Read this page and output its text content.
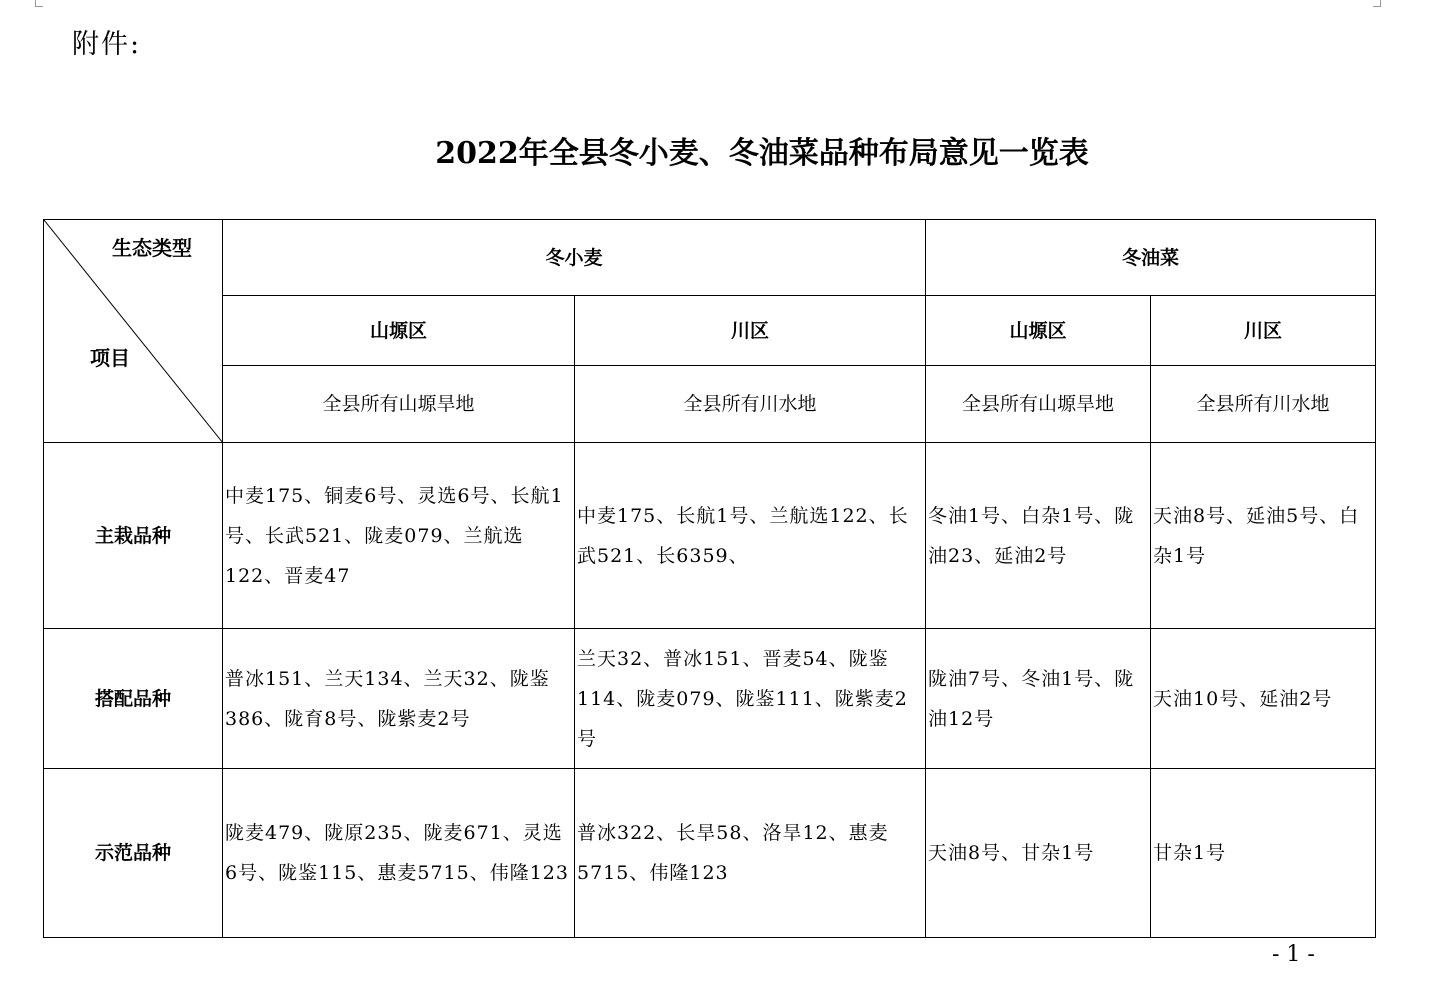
附件:
2022年全县冬小麦、冬油菜品种布局意见一览表
生态类型
项目	冬小麦		冬油菜	
	山塬区	川区	山塬区	川区
	全县所有山塬旱地	全县所有川水地	全县所有山塬旱地	全县所有川水地
主栽品种	中麦175、铜麦6号、灵选6号、长航1号、长武521、陇麦079、兰航选122、晋麦47	中麦175、长航1号、兰航选122、长武521、长6359、	冬油1号、白杂1号、陇油23、延油2号	天油8号、延油5号、白杂1号
搭配品种	普冰151、兰天134、兰天32、陇鉴386、陇育8号、陇紫麦2号	兰天32、普冰151、晋麦54、陇鉴114、陇麦079、陇鉴111、陇紫麦2号	陇油7号、冬油1号、陇油12号	天油10号、延油2号
示范品种	陇麦479、陇原235、陇麦671、灵选6号、陇鉴115、惠麦5715、伟隆123	普冰322、长旱58、洛旱12、惠麦5715、伟隆123	天油8号、甘杂1号	甘杂1号
- 1 -
